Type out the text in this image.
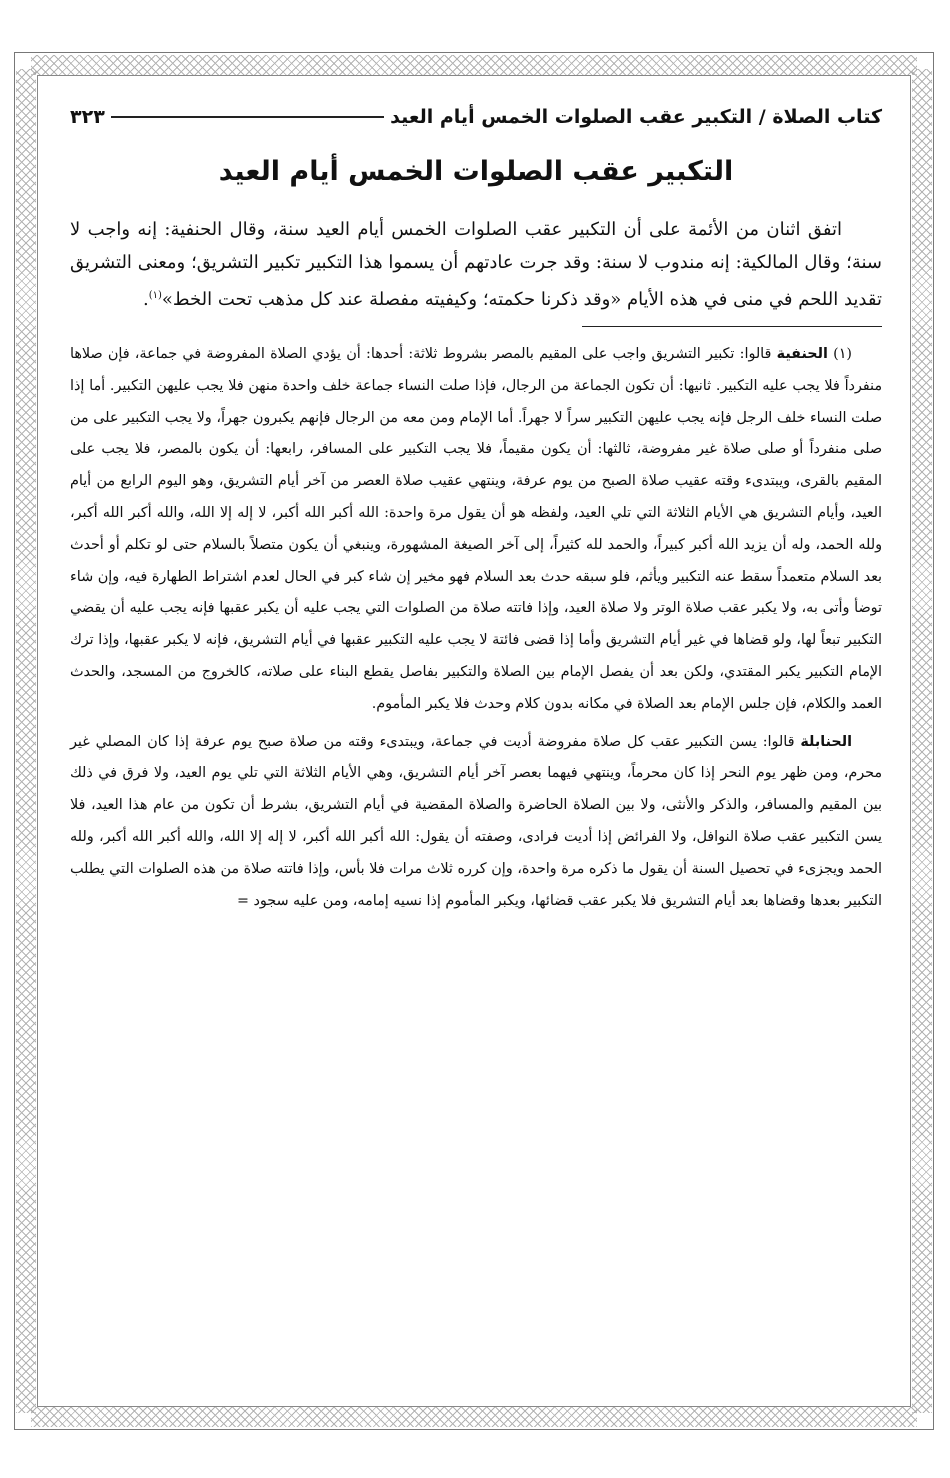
كتاب الصلاة / التكبير عقب الصلوات الخمس أيام العيد
٣٢٣
التكبير عقب الصلوات الخمس أيام العيد

اتفق اثنان من الأئمة على أن التكبير عقب الصلوات الخمس أيام العيد سنة، وقال الحنفية: إنه واجب لا سنة؛ وقال المالكية: إنه مندوب لا سنة: وقد جرت عادتهم أن يسموا هذا التكبير تكبير التشريق؛ ومعنى التشريق تقديد اللحم في منى في هذه الأيام «وقد ذكرنا حكمته؛ وكيفيته مفصلة عند كل مذهب تحت الخط»$^{(١)}$.

(١) الحنفية قالوا: تكبير التشريق واجب على المقيم بالمصر بشروط ثلاثة: أحدها: أن يؤدي الصلاة المفروضة في جماعة، فإن صلاها منفرداً فلا يجب عليه التكبير. ثانيها: أن تكون الجماعة من الرجال، فإذا صلت النساء جماعة خلف واحدة منهن فلا يجب عليهن التكبير. أما إذا صلت النساء خلف الرجل فإنه يجب عليهن التكبير سراً لا جهراً. أما الإمام ومن معه من الرجال فإنهم يكبرون جهراً، ولا يجب التكبير على من صلى منفرداً أو صلى صلاة غير مفروضة، ثالثها: أن يكون مقيماً، فلا يجب التكبير على المسافر، رابعها: أن يكون بالمصر، فلا يجب على المقيم بالقرى، ويبتدىء وقته عقيب صلاة الصبح من يوم عرفة، وينتهي عقيب صلاة العصر من آخر أيام التشريق، وهو اليوم الرابع من أيام العيد، وأيام التشريق هي الأيام الثلاثة التي تلي العيد، ولفظه هو أن يقول مرة واحدة: الله أكبر الله أكبر، لا إله إلا الله، والله أكبر الله أكبر، ولله الحمد، وله أن يزيد الله أكبر كبيراً، والحمد لله كثيراً، إلى آخر الصيغة المشهورة، وينبغي أن يكون متصلاً بالسلام حتى لو تكلم أو أحدث بعد السلام متعمداً سقط عنه التكبير ويأثم، فلو سبقه حدث بعد السلام فهو مخير إن شاء كبر في الحال لعدم اشتراط الطهارة فيه، وإن شاء توضأ وأتى به، ولا يكبر عقب صلاة الوتر ولا صلاة العيد، وإذا فاتته صلاة من الصلوات التي يجب عليه أن يكبر عقبها فإنه يجب عليه أن يقضي التكبير تبعاً لها، ولو قضاها في غير أيام التشريق وأما إذا قضى فائتة لا يجب عليه التكبير عقبها في أيام التشريق، فإنه لا يكبر عقبها، وإذا ترك الإمام التكبير يكبر المقتدي، ولكن بعد أن يفصل الإمام بين الصلاة والتكبير بفاصل يقطع البناء على صلاته، كالخروج من المسجد، والحدث العمد والكلام، فإن جلس الإمام بعد الصلاة في مكانه بدون كلام وحدث فلا يكبر المأموم.

الحنابلة قالوا: يسن التكبير عقب كل صلاة مفروضة أديت في جماعة، ويبتدىء وقته من صلاة صبح يوم عرفة إذا كان المصلي غير محرم، ومن ظهر يوم النحر إذا كان محرماً، وينتهي فيهما بعصر آخر أيام التشريق، وهي الأيام الثلاثة التي تلي يوم العيد، ولا فرق في ذلك بين المقيم والمسافر، والذكر والأنثى، ولا بين الصلاة الحاضرة والصلاة المقضية في أيام التشريق، بشرط أن تكون من عام هذا العيد، فلا يسن التكبير عقب صلاة النوافل، ولا الفرائض إذا أديت فرادى، وصفته أن يقول: الله أكبر الله أكبر، لا إله إلا الله، والله أكبر الله أكبر، ولله الحمد ويجزىء في تحصيل السنة أن يقول ما ذكره مرة واحدة، وإن كرره ثلاث مرات فلا بأس، وإذا فاتته صلاة من هذه الصلوات التي يطلب التكبير بعدها وقضاها بعد أيام التشريق فلا يكبر عقب قضائها، ويكبر المأموم إذا نسيه إمامه، ومن عليه سجود =
